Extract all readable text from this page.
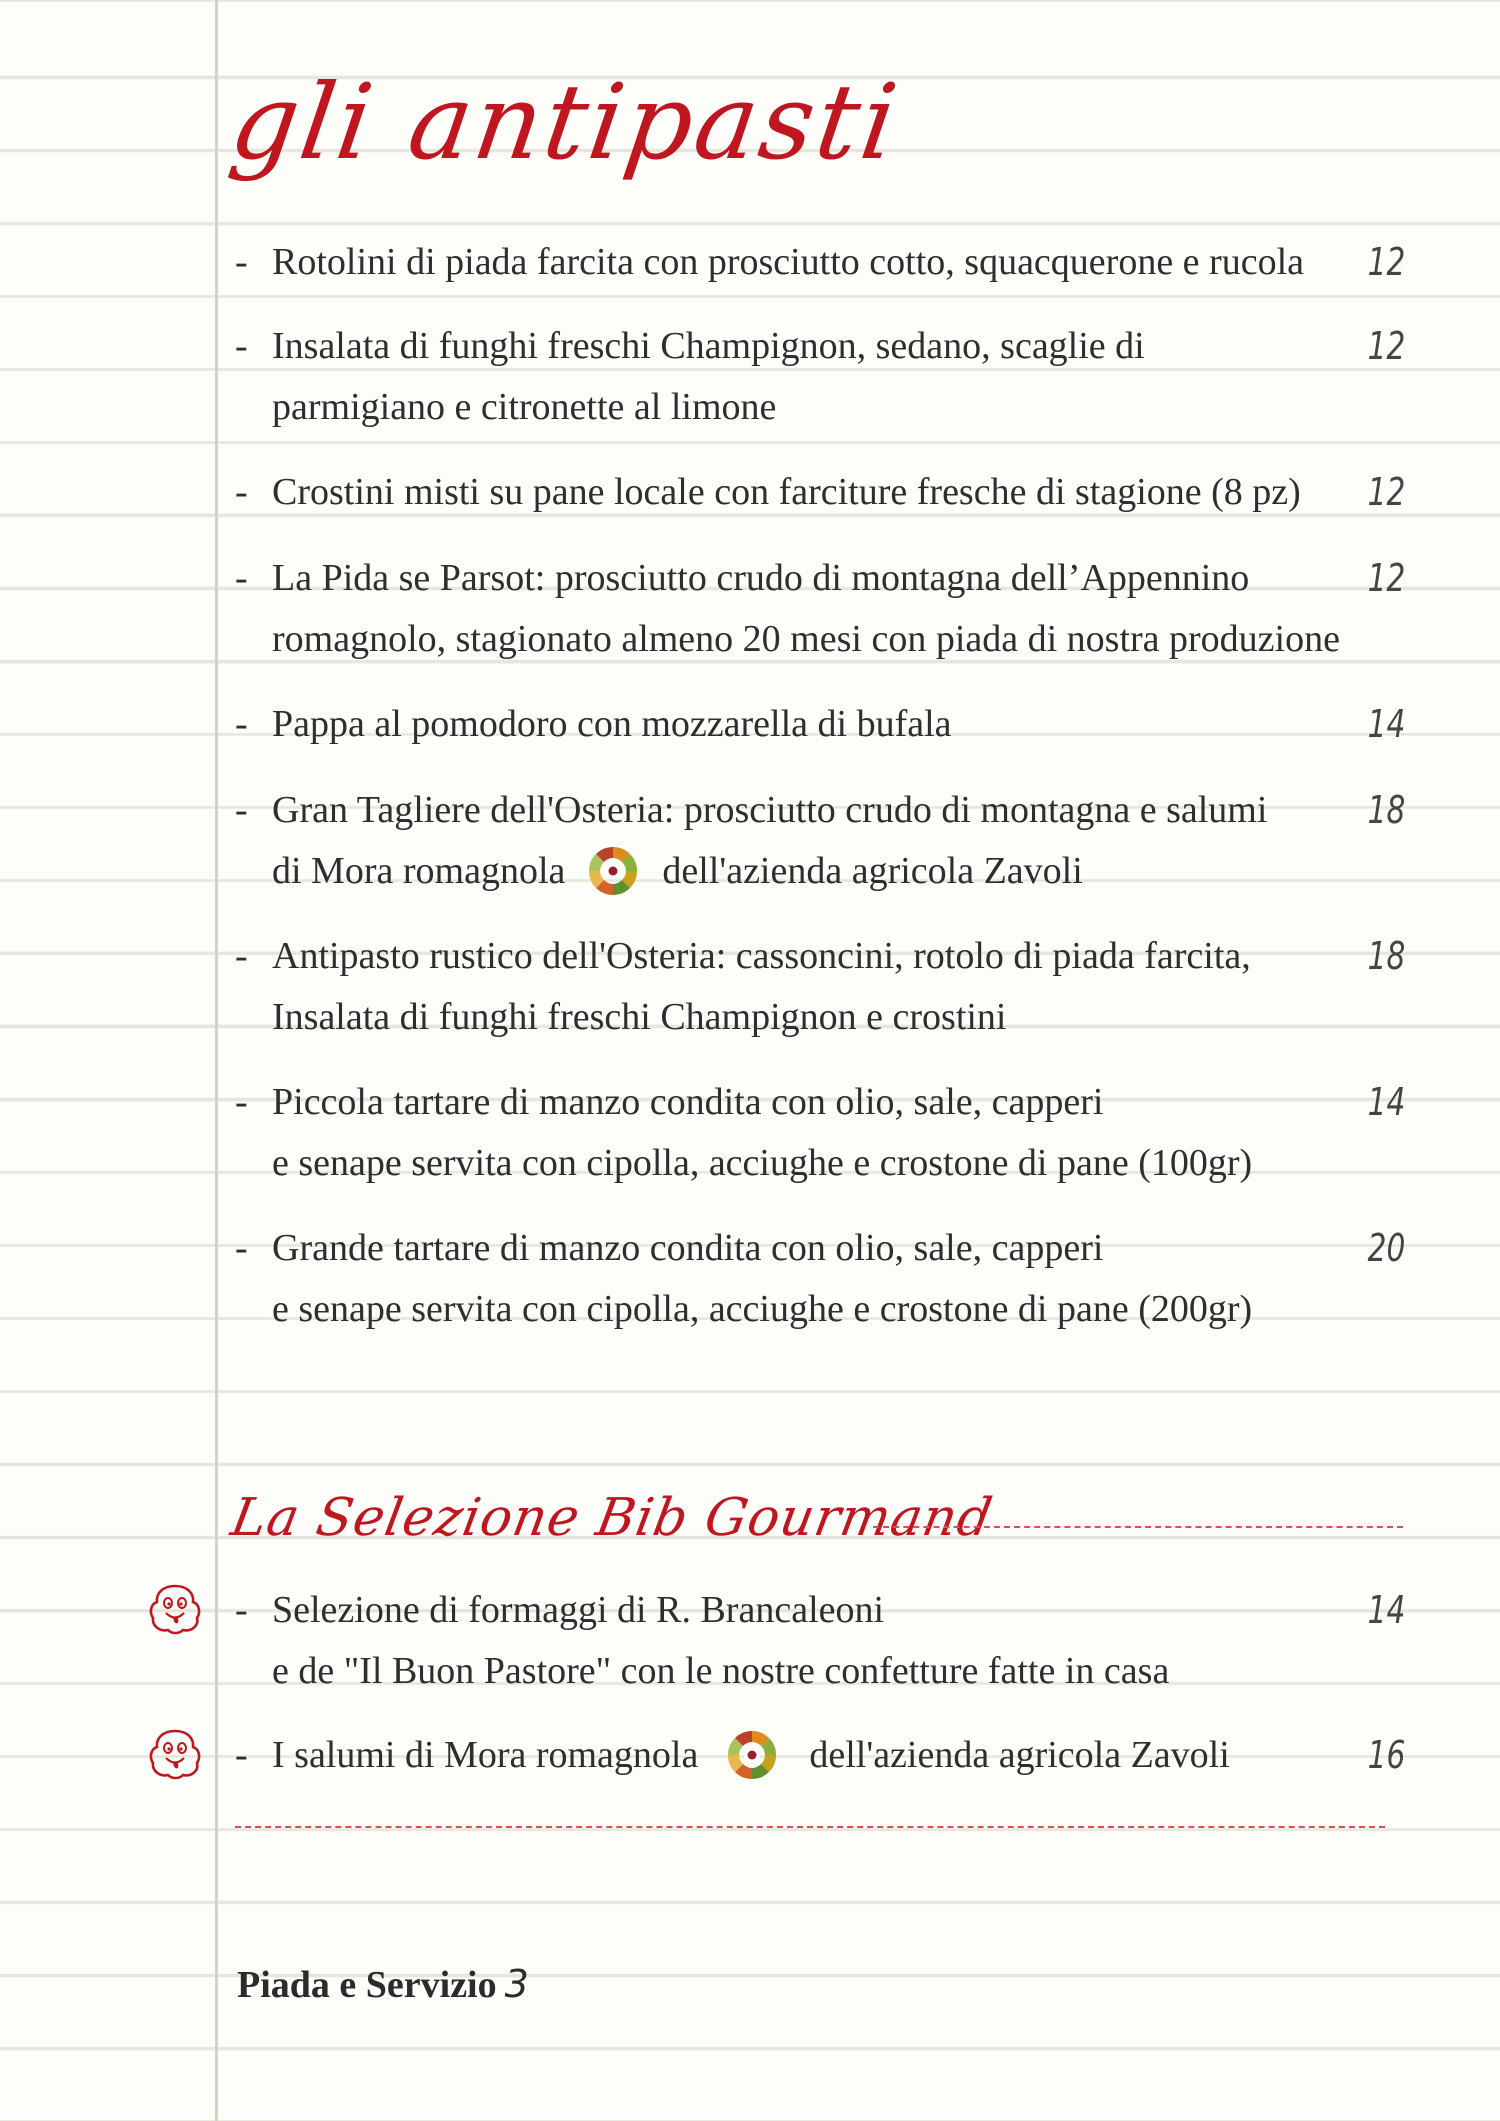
gli antipasti
- Rotolini di piada farcita con prosciutto cotto, squacquerone e rucola	12
- Insalata di funghi freschi Champignon, sedano, scaglie di
parmigiano e citronette al limone
12
- Crostini misti su pane locale con farciture fresche di stagione (8 pz)	12
- La Pida se Parsot: prosciutto crudo di montagna dell’Appennino
romagnolo, stagionato almeno 20 mesi con piada di nostra produzione
12
- Pappa al pomodoro con mozzarella di bufala	14
- Gran Tagliere dell'Osteria: prosciutto crudo di montagna e salumi
di Mora romagnola	dell'azienda agricola Zavoli
18
- Antipasto rustico dell'Osteria: cassoncini, rotolo di piada farcita,
Insalata di funghi freschi Champignon e crostini
18
- Piccola tartare di manzo condita con olio, sale, capperi
e senape servita con cipolla, acciughe e crostone di pane (100gr)
14
- Grande tartare di manzo condita con olio, sale, capperi
e senape servita con cipolla, acciughe e crostone di pane (200gr)
20
La Selezione Bib Gourmand
- Selezione di formaggi di R. Brancaleoni
e de "Il Buon Pastore" con le nostre confetture fatte in casa
14
- I salumi di Mora romagnola	dell'azienda agricola Zavoli	16
Piada e Servizio 3
